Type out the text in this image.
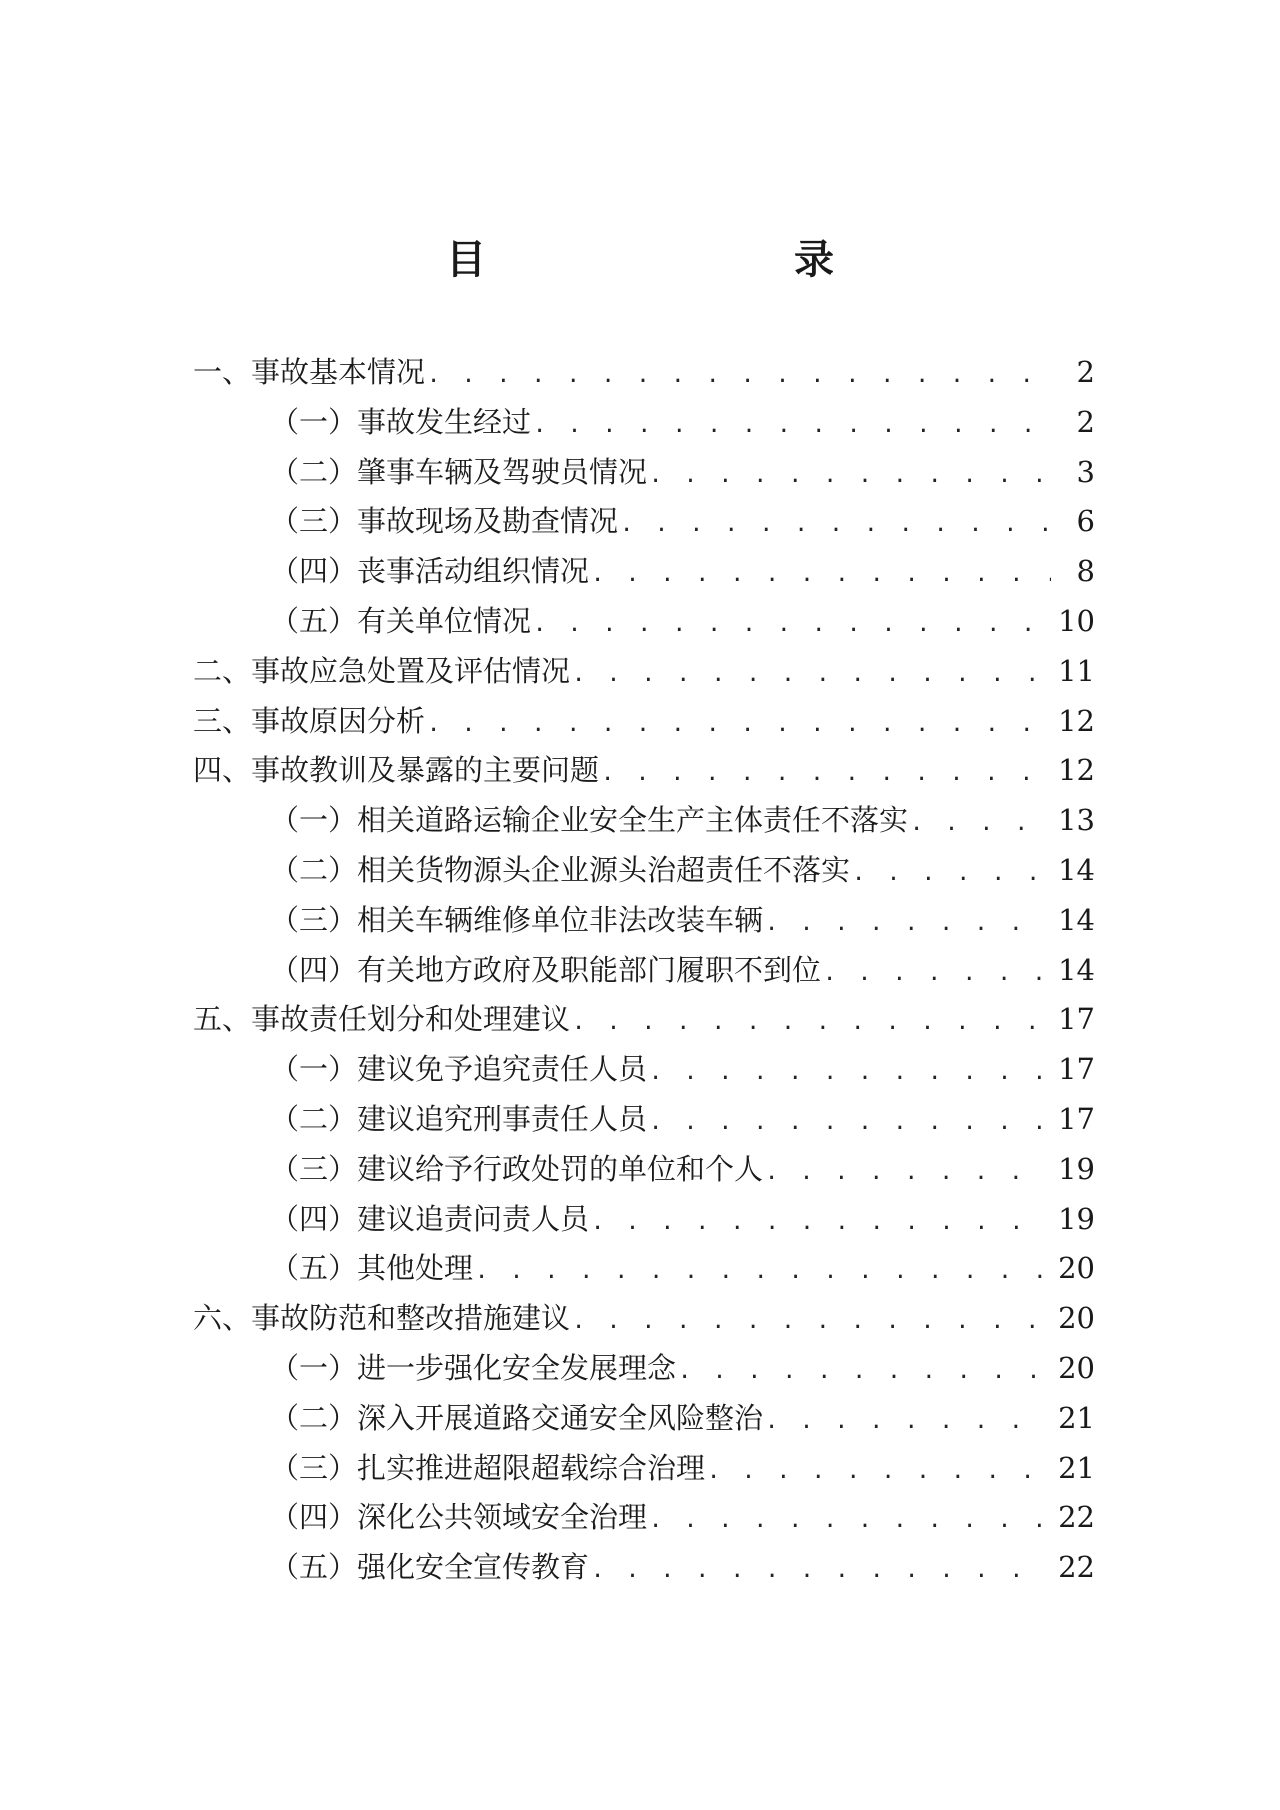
目　　录
一、事故基本情况 . . .	2
（一）事故发生经过 . . .	2
（二）肇事车辆及驾驶员情况 . . .	3
（三）事故现场及勘查情况 . . .	6
（四）丧事活动组织情况 . . .	8
（五）有关单位情况 . . .	10
二、事故应急处置及评估情况 . . .	11
三、事故原因分析 . . .	12
四、事故教训及暴露的主要问题 . . .	12
（一）相关道路运输企业安全生产主体责任不落实 . . .	13
（二）相关货物源头企业源头治超责任不落实 . . .	14
（三）相关车辆维修单位非法改装车辆 . . .	14
（四）有关地方政府及职能部门履职不到位 . . .	14
五、事故责任划分和处理建议 . . .	17
（一）建议免予追究责任人员 . . .	17
（二）建议追究刑事责任人员 . . .	17
（三）建议给予行政处罚的单位和个人 . . .	19
（四）建议追责问责人员 . . .	19
（五）其他处理 . . .	20
六、事故防范和整改措施建议 . . .	20
（一）进一步强化安全发展理念 . . .	20
（二）深入开展道路交通安全风险整治 . . .	21
（三）扎实推进超限超载综合治理 . . .	21
（四）深化公共领域安全治理 . . .	22
（五）强化安全宣传教育 . . .	22
